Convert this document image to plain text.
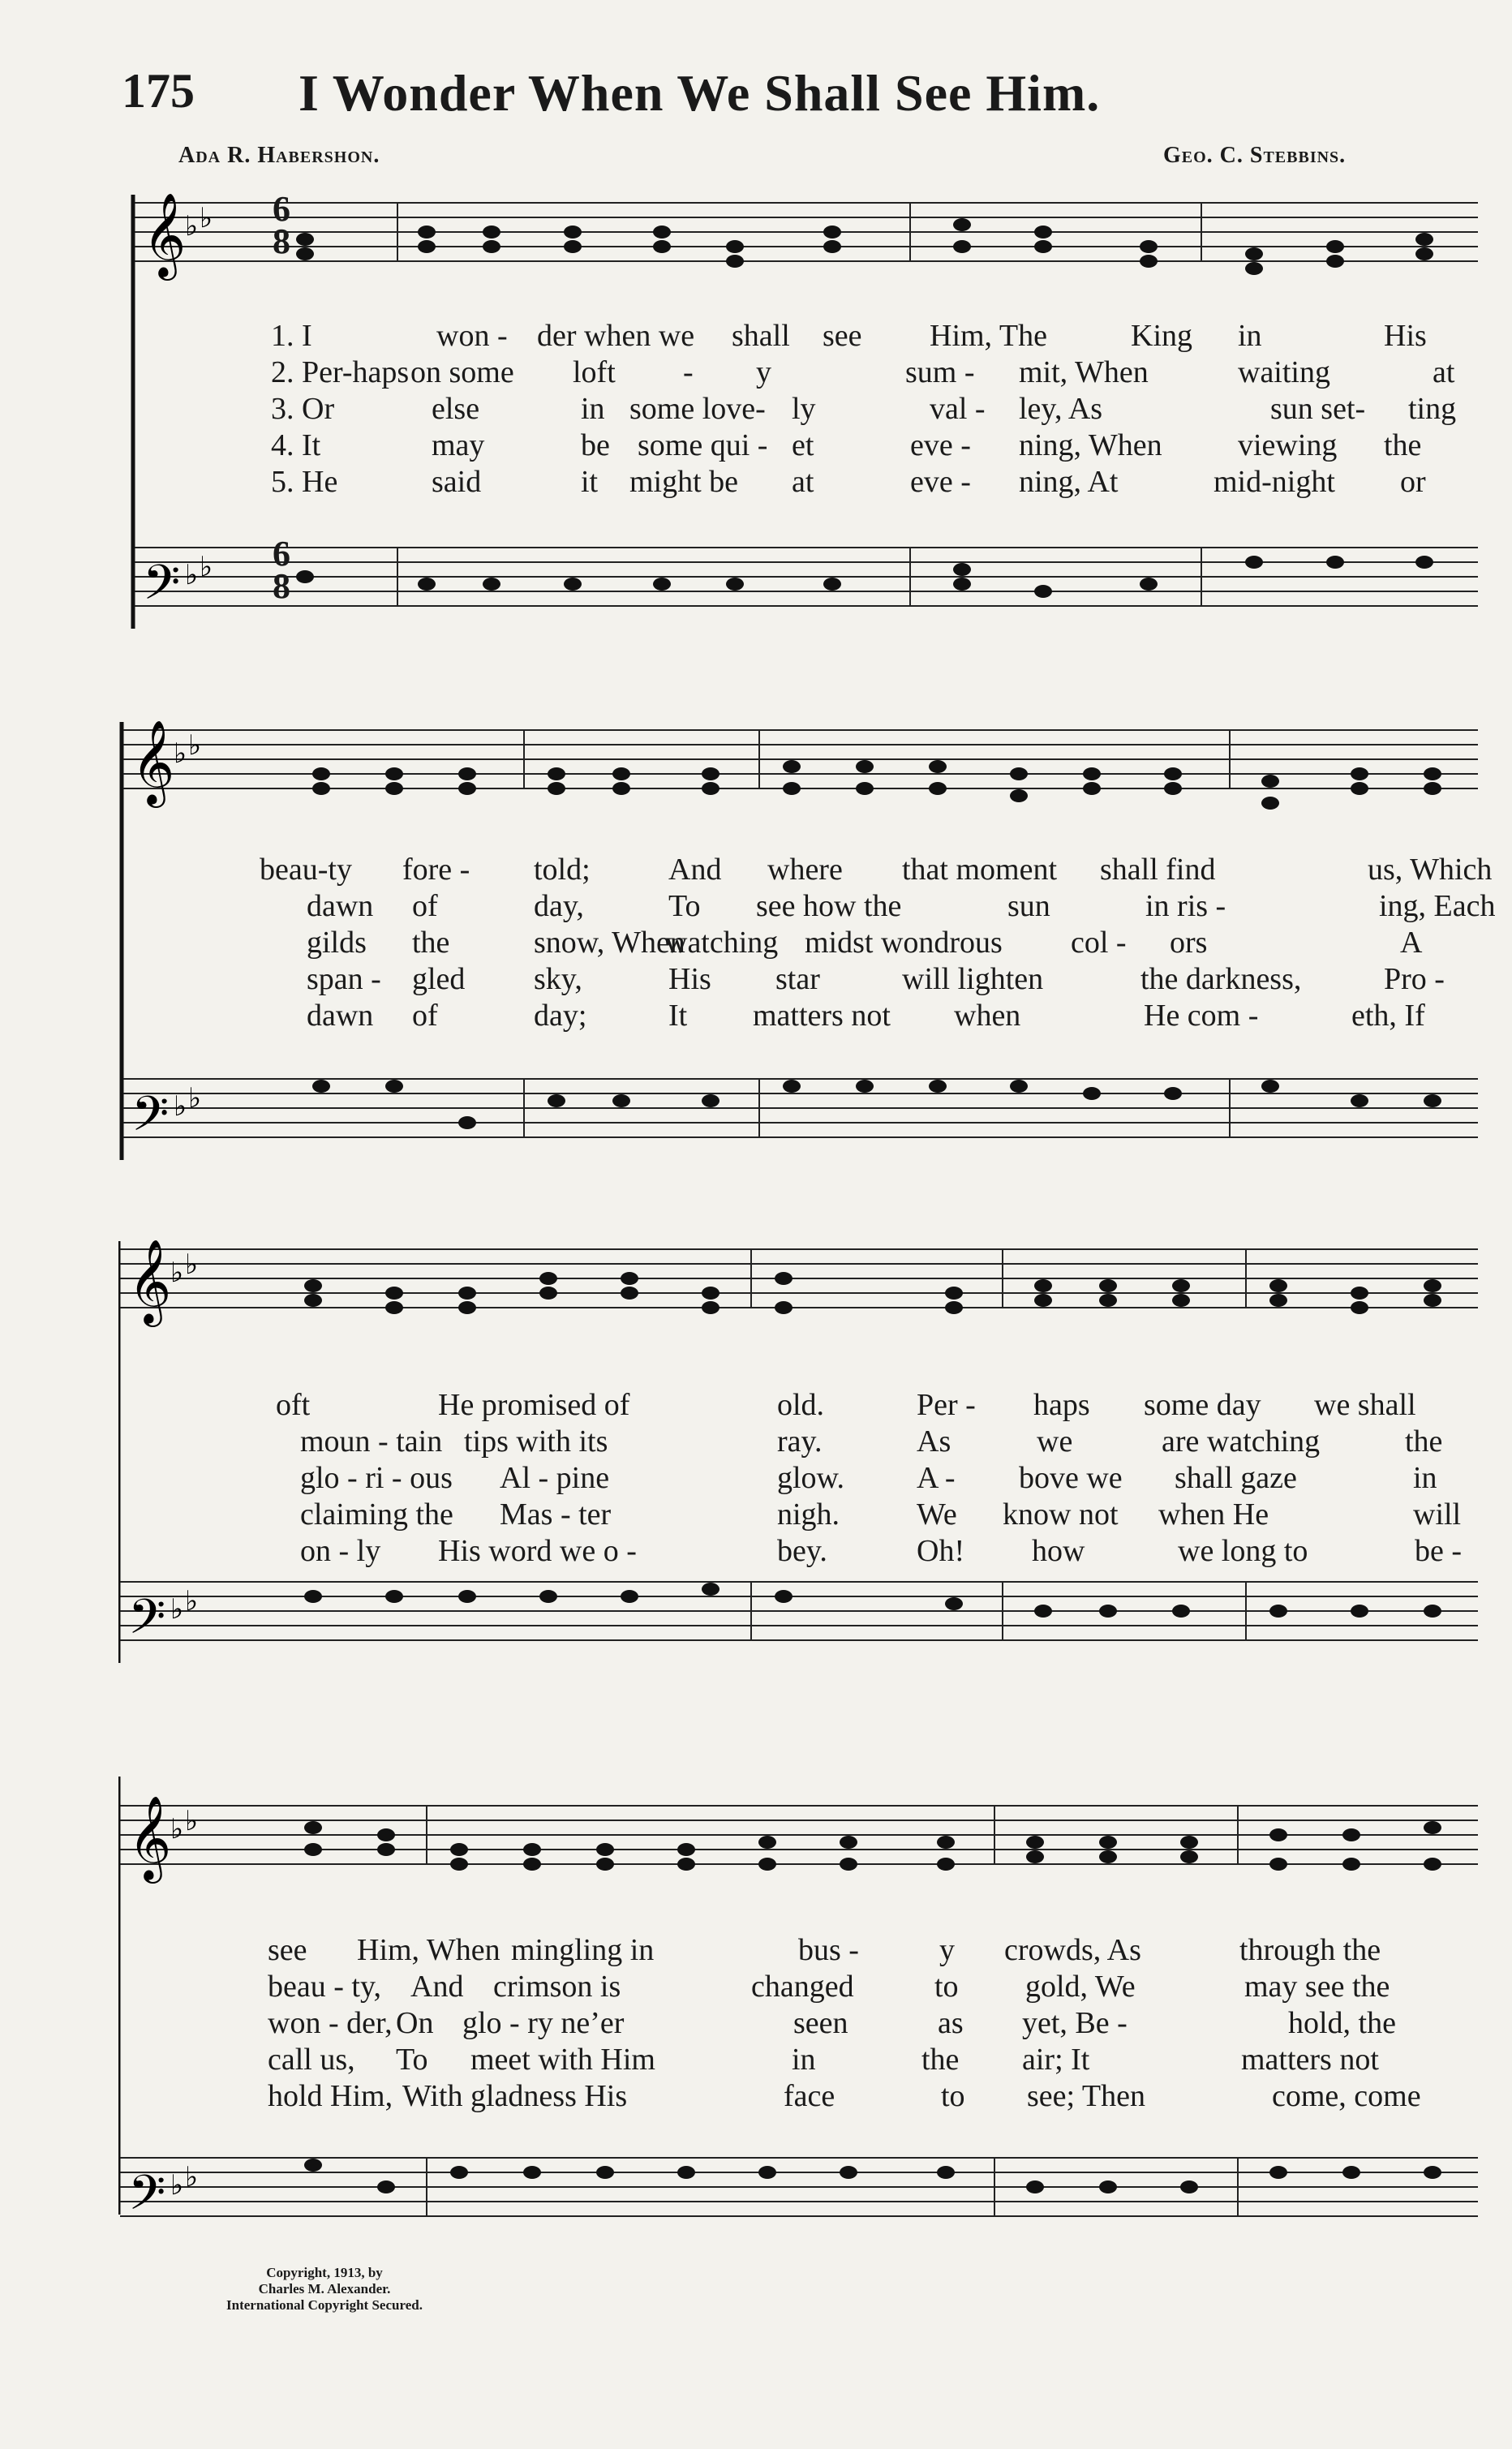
175 I Wonder When We Shall See Him.
Ada R. Habershon.	Geo. C. Stebbins.
𝄞
𝄢
♭ ♭
♭ ♭
6
8
6
8
1. I	won - der when we shall see Him, The	King in	His
2. Per-haps on some loft - y	sum - mit, When	waiting	at
3. Or	else	in some love- ly	val - ley, As	sun set- ting
4. It	may	be some qui - et	eve - ning, When viewing the
5. He	said	it might be at	eve - ning, At	mid-night or
𝄞
𝄢
♭ ♭
♭ ♭
beau-ty fore - told;	And where that moment shall find	us, Which
dawn of	day,	To see how the	sun	in ris -	ing, Each
gilds the	snow, When
watching midst wondrous col - ors	A
span - gled sky,	His star	will lighten	the darkness,	Pro -
dawn of	day;	It matters not when	He com -	eth, If
𝄞
𝄢
♭ ♭
♭ ♭
oft	He promised of	old.	Per - haps some day we shall
moun - tain tips with its	ray.	As	we	are watching	the
glo - ri - ous Al - pine	glow. A - bove we shall gaze	in
claiming the Mas - ter	nigh. We know not when He	will
on - ly His word we o -	bey.	Oh! how	we long to	be -
𝄞
𝄢
♭ ♭
♭ ♭
see Him, When mingling in	bus -	y crowds, As	through the
beau - ty, And crimson is	changed	to gold, We	may see the
won - der, On glo - ry ne’er	seen	as yet, Be -	hold, the
call us, To meet with Him	in	the air; It	matters not
hold Him, With gladness His	face	to see; Then	come, come
Copyright, 1913, by
Charles M. Alexander.
International Copyright Secured.
